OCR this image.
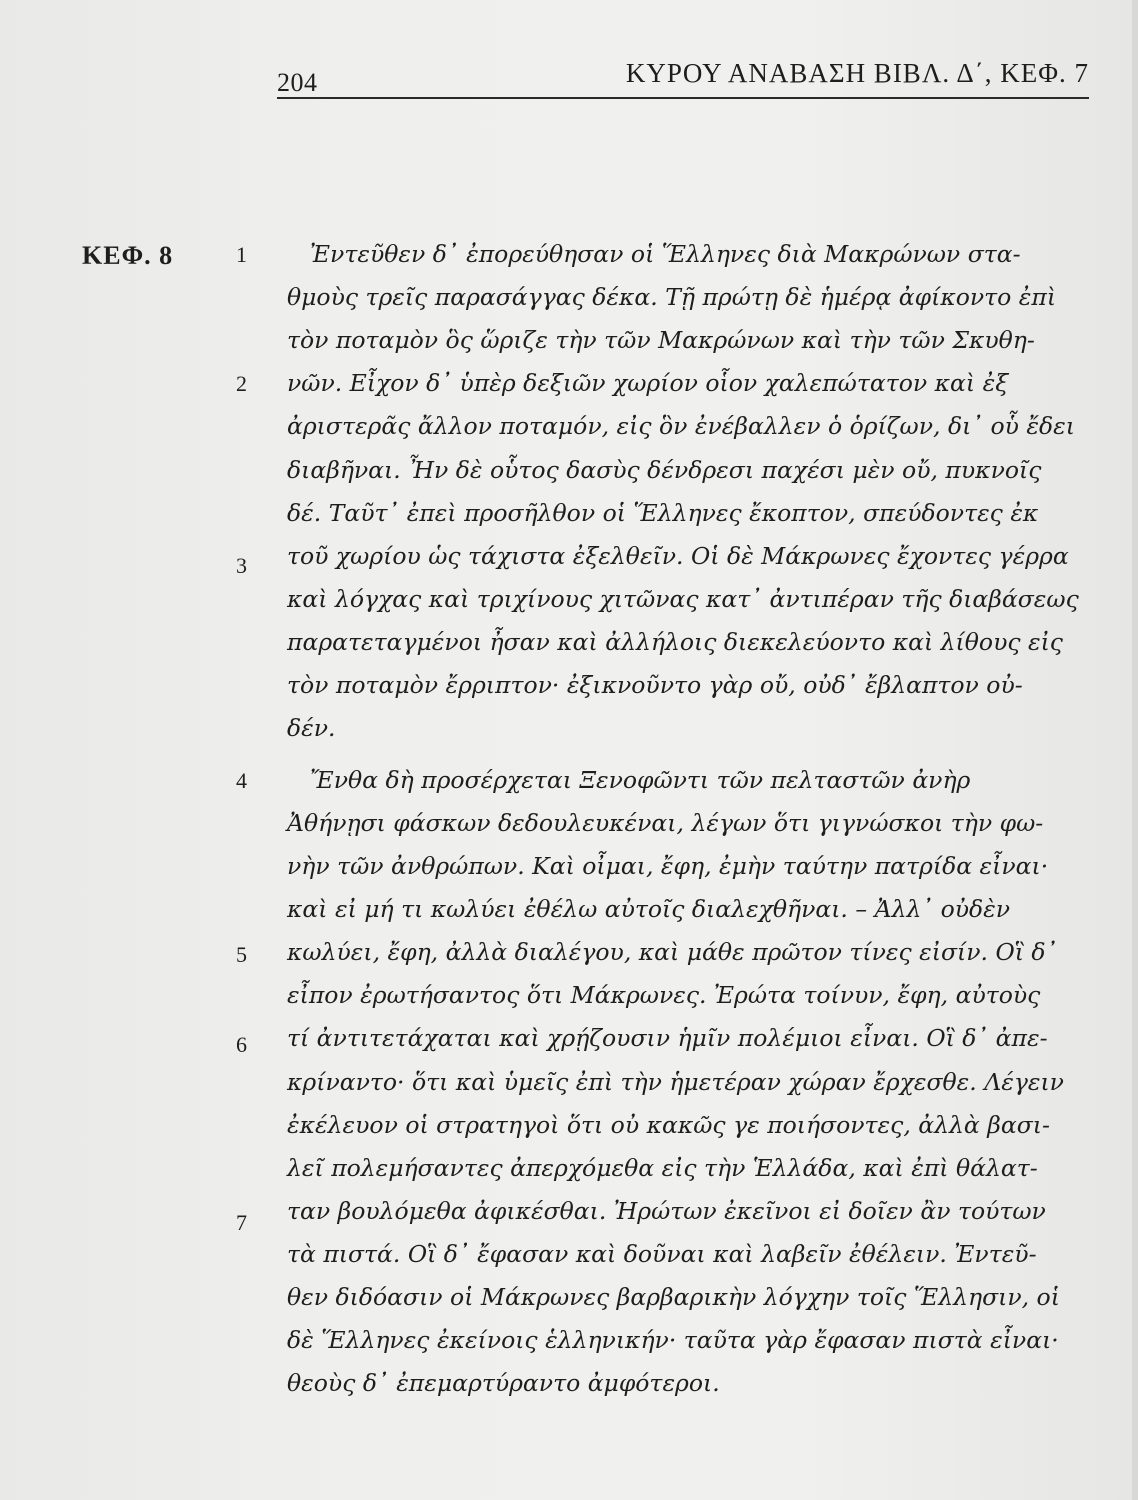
204	ΚΥΡΟΥ ΑΝΑΒΑΣΗ ΒΙΒΛ. Δ΄, ΚΕΦ. 7
ΚΕΦ. 8	1
2
3
4
5
6
7
Ἐντεῦθεν δ᾽ ἐπορεύθησαν οἱ Ἕλληνες διὰ Μακρώνων στα-
θμοὺς τρεῖς παρασάγγας δέκα. Τῇ πρώτῃ δὲ ἡμέρᾳ ἀφίκοντο ἐπὶ
τὸν ποταμὸν ὃς ὥριζε τὴν τῶν Μακρώνων καὶ τὴν τῶν Σκυθη-
νῶν. Εἶχον δ᾽ ὑπὲρ δεξιῶν χωρίον οἷον χαλεπώτατον καὶ ἐξ
ἀριστερᾶς ἄλλον ποταμόν, εἰς ὃν ἐνέβαλλεν ὁ ὁρίζων, δι᾽ οὗ ἔδει
διαβῆναι. Ἦν δὲ οὗτος δασὺς δένδρεσι παχέσι μὲν οὔ, πυκνοῖς
δέ. Ταῦτ᾽ ἐπεὶ προσῆλθον οἱ Ἕλληνες ἔκοπτον, σπεύδοντες ἐκ
τοῦ χωρίου ὡς τάχιστα ἐξελθεῖν. Οἱ δὲ Μάκρωνες ἔχοντες γέρρα
καὶ λόγχας καὶ τριχίνους χιτῶνας κατ᾽ ἀντιπέραν τῆς διαβάσεως
παρατεταγμένοι ἦσαν καὶ ἀλλήλοις διεκελεύοντο καὶ λίθους εἰς
τὸν ποταμὸν ἔρριπτον· ἐξικνοῦντο γὰρ οὔ, οὐδ᾽ ἔβλαπτον οὐ-
δέν.
Ἔνθα δὴ προσέρχεται Ξενοφῶντι τῶν πελταστῶν ἀνὴρ
Ἀθήνῃσι φάσκων δεδουλευκέναι, λέγων ὅτι γιγνώσκοι τὴν φω-
νὴν τῶν ἀνθρώπων. Καὶ οἶμαι, ἔφη, ἐμὴν ταύτην πατρίδα εἶναι·
καὶ εἰ μή τι κωλύει ἐθέλω αὐτοῖς διαλεχθῆναι. – Ἀλλ᾽ οὐδὲν
κωλύει, ἔφη, ἀλλὰ διαλέγου, καὶ μάθε πρῶτον τίνες εἰσίν. Οἳ δ᾽
εἶπον ἐρωτήσαντος ὅτι Μάκρωνες. Ἐρώτα τοίνυν, ἔφη, αὐτοὺς
τί ἀντιτετάχαται καὶ χρῄζουσιν ἡμῖν πολέμιοι εἶναι. Οἳ δ᾽ ἀπε-
κρίναντο· ὅτι καὶ ὑμεῖς ἐπὶ τὴν ἡμετέραν χώραν ἔρχεσθε. Λέγειν
ἐκέλευον οἱ στρατηγοὶ ὅτι οὐ κακῶς γε ποιήσοντες, ἀλλὰ βασι-
λεῖ πολεμήσαντες ἀπερχόμεθα εἰς τὴν Ἑλλάδα, καὶ ἐπὶ θάλατ-
ταν βουλόμεθα ἀφικέσθαι. Ἠρώτων ἐκεῖνοι εἰ δοῖεν ἂν τούτων
τὰ πιστά. Οἳ δ᾽ ἔφασαν καὶ δοῦναι καὶ λαβεῖν ἐθέλειν. Ἐντεῦ-
θεν διδόασιν οἱ Μάκρωνες βαρβαρικὴν λόγχην τοῖς Ἕλλησιν, οἱ
δὲ Ἕλληνες ἐκείνοις ἑλληνικήν· ταῦτα γὰρ ἔφασαν πιστὰ εἶναι·
θεοὺς δ᾽ ἐπεμαρτύραντο ἀμφότεροι.
